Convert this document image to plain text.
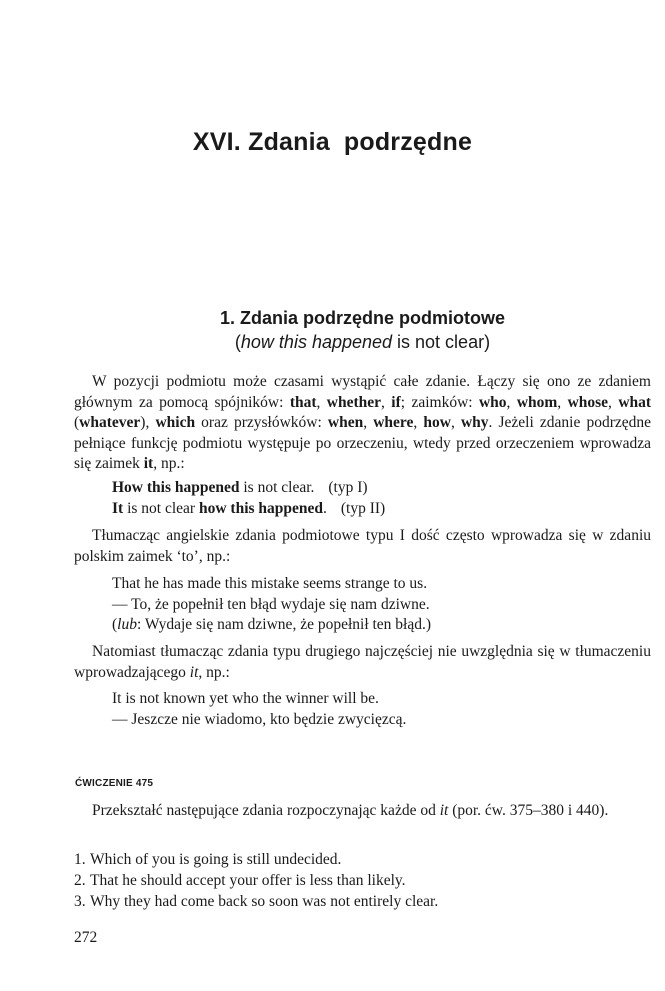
XVI. Zdania podrzędne
1. Zdania podrzędne podmiotowe
(how this happened is not clear)
W pozycji podmiotu może czasami wystąpić całe zdanie. Łączy się ono ze zdaniem głównym za pomocą spójników: that, whether, if; zaimków: who, whom, whose, what (whatever), which oraz przysłówków: when, where, how, why. Jeżeli zdanie podrzędne pełniące funkcję podmiotu występuje po orzeczeniu, wtedy przed orzeczeniem wprowadza się zaimek it, np.:
How this happened is not clear. (typ I)
It is not clear how this happened. (typ II)
Tłumacząc angielskie zdania podmiotowe typu I dość często wprowadza się w zdaniu polskim zaimek ‘to’, np.:
That he has made this mistake seems strange to us.
— To, że popełnił ten błąd wydaje się nam dziwne.
(lub: Wydaje się nam dziwne, że popełnił ten błąd.)
Natomiast tłumacząc zdania typu drugiego najczęściej nie uwzględnia się w tłumaczeniu wprowadzającego it, np.:
It is not known yet who the winner will be.
— Jeszcze nie wiadomo, kto będzie zwycięzcą.
ĆWICZENIE 475
Przekształć następujące zdania rozpoczynając każde od it (por. ćw. 375–380 i 440).
1. Which of you is going is still undecided.
2. That he should accept your offer is less than likely.
3. Why they had come back so soon was not entirely clear.
272
